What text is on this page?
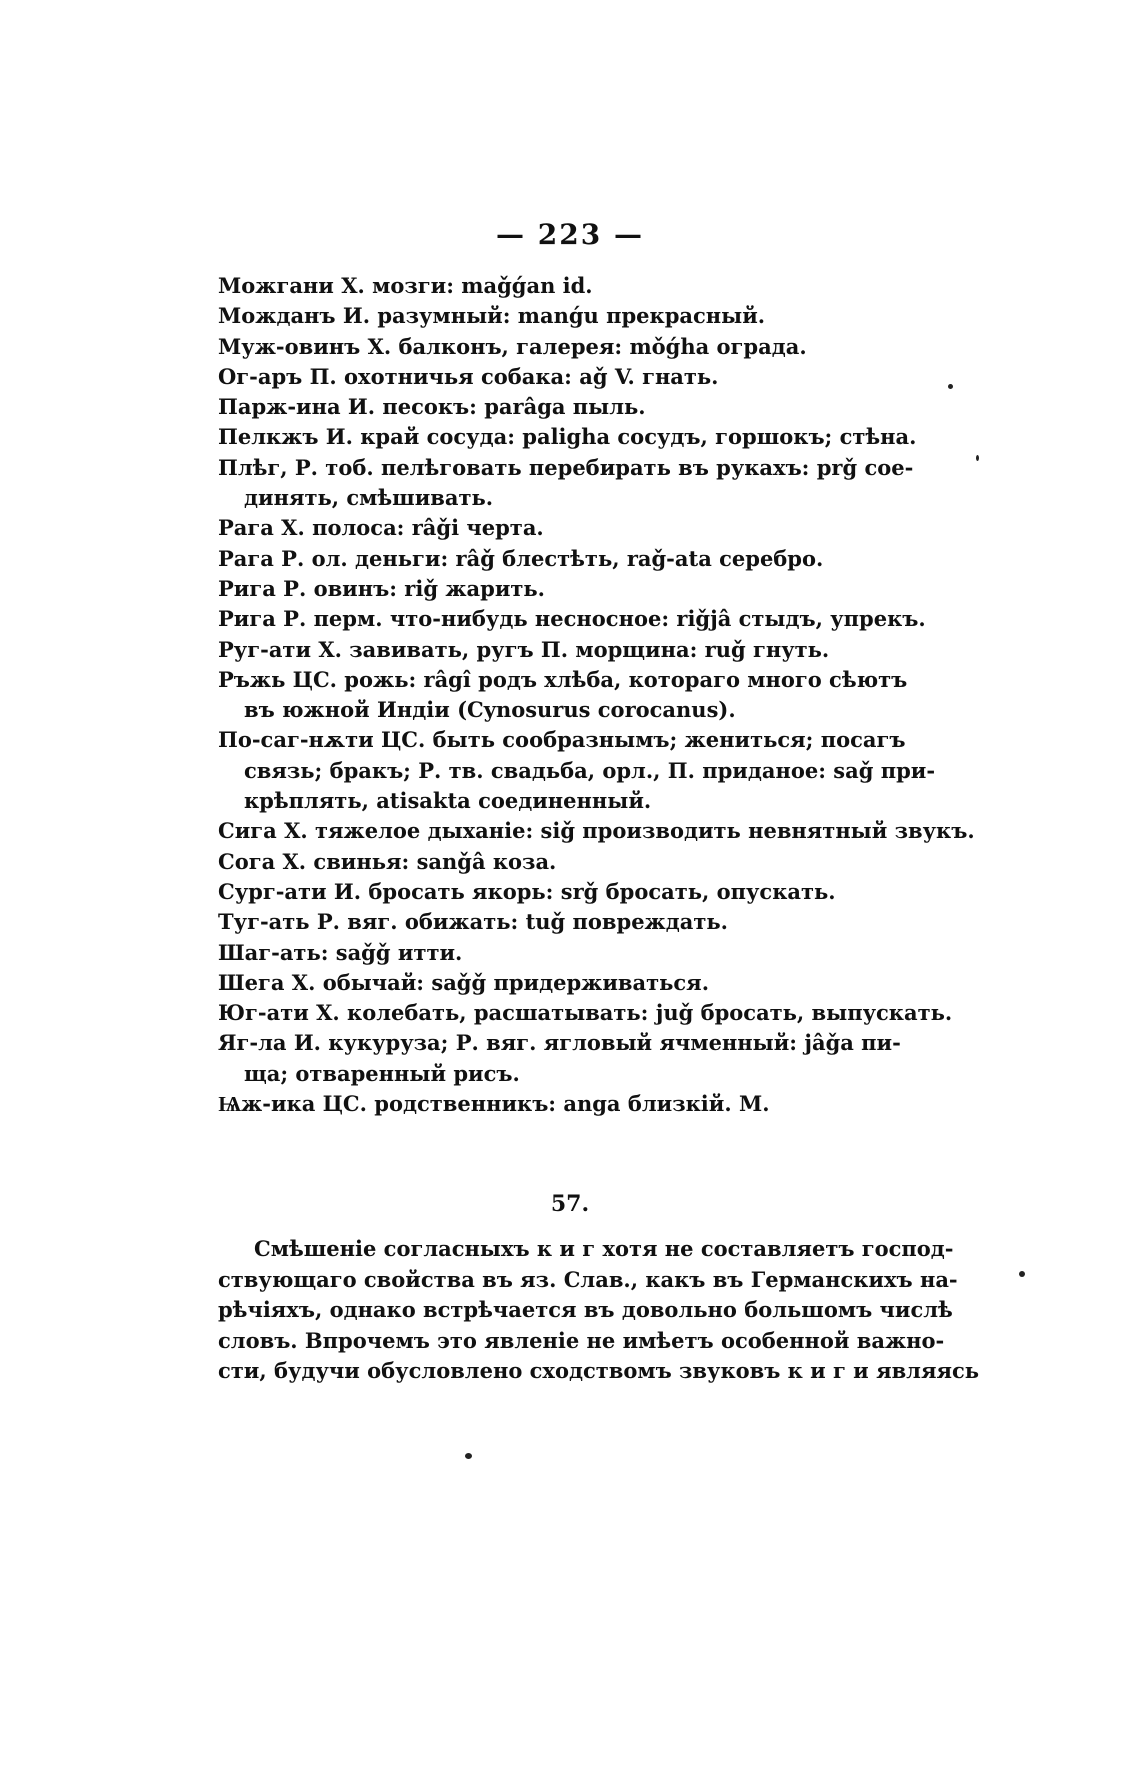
— 223 —
Можгани Х. мозги: maǧǵan id.
Можданъ И. разумный: manǵu прекрасный.
Муж-овинъ Х. балконъ, галерея: mǒǵha ограда.
Ог-аръ П. охотничья собака: aǧ V. гнать.
Парж-ина И. песокъ: parâga пыль.
Пелкжъ И. край сосуда: paligha сосудъ, горшокъ; стѣна.
Плѣг, Р. тоб. пелѣговать перебирать въ рукахъ: prǧ сое-
динять, смѣшивать.
Рага Х. полоса: râǧi черта.
Рага Р. ол. деньги: râǧ блестѣть, raǧ-ata серебро.
Рига Р. овинъ: riǧ жарить.
Рига Р. перм. что-нибудь несносное: riǧjâ стыдъ, упрекъ.
Руг-ати Х. завивать, ругъ П. морщина: ruǧ гнуть.
Ръжь ЦС. рожь: râgî родъ хлѣба, котораго много сѣютъ
въ южной Индіи (Cynosurus corocanus).
По-саг-нѫти ЦС. быть сообразнымъ; жениться; посагъ
связь; бракъ; Р. тв. свадьба, орл., П. приданое: saǧ при-
крѣплять, atisakta соединенный.
Сига Х. тяжелое дыханіе: siǧ производить невнятный звукъ.
Сога Х. свинья: sanǧâ коза.
Сург-ати И. бросать якорь: srǧ бросать, опускать.
Туг-ать Р. вяг. обижать: tuǧ повреждать.
Шаг-ать: saǧǧ итти.
Шега Х. обычай: saǧǧ придерживаться.
Юг-ати Х. колебать, расшатывать: juǧ бросать, выпускать.
Яг-ла И. кукуруза; Р. вяг. ягловый ячменный: jâǧa пи-
ща; отваренный рисъ.
Ѩж-ика ЦС. родственникъ: anga близкій. М.
57.
Смѣшеніе согласныхъ к и г хотя не составляетъ господ-
ствующаго свойства въ яз. Слав., какъ въ Германскихъ на-
рѣчіяхъ, однако встрѣчается въ довольно большомъ числѣ
словъ. Впрочемъ это явленіе не имѣетъ особенной важно-
сти, будучи обусловлено сходствомъ звуковъ к и г и являясь
